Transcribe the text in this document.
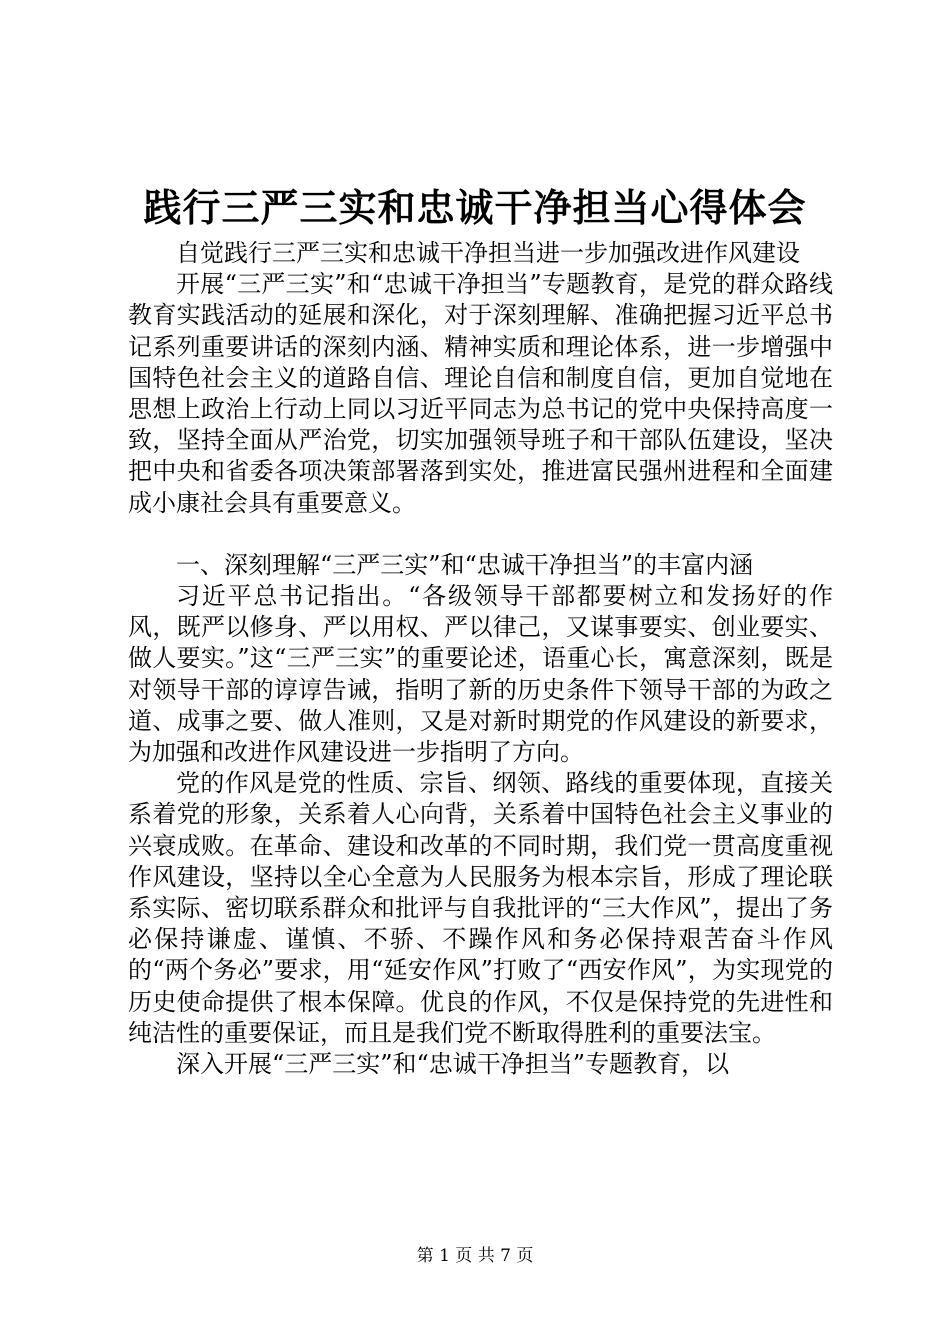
践行三严三实和忠诚干净担当心得体会

自觉践行三严三实和忠诚干净担当进一步加强改进作风建设

开展“三严三实”和“忠诚干净担当”专题教育，是党的群众路线教育实践活动的延展和深化，对于深刻理解、准确把握习近平总书记系列重要讲话的深刻内涵、精神实质和理论体系，进一步增强中国特色社会主义的道路自信、理论自信和制度自信，更加自觉地在思想上政治上行动上同以习近平同志为总书记的党中央保持高度一致，坚持全面从严治党，切实加强领导班子和干部队伍建设，坚决把中央和省委各项决策部署落到实处，推进富民强州进程和全面建成小康社会具有重要意义。

一、深刻理解“三严三实”和“忠诚干净担当”的丰富内涵

习近平总书记指出。“各级领导干部都要树立和发扬好的作风，既严以修身、严以用权、严以律己，又谋事要实、创业要实、做人要实。”这“三严三实”的重要论述，语重心长，寓意深刻，既是对领导干部的谆谆告诫，指明了新的历史条件下领导干部的为政之道、成事之要、做人准则，又是对新时期党的作风建设的新要求，为加强和改进作风建设进一步指明了方向。

党的作风是党的性质、宗旨、纲领、路线的重要体现，直接关系着党的形象，关系着人心向背，关系着中国特色社会主义事业的兴衰成败。在革命、建设和改革的不同时期，我们党一贯高度重视作风建设，坚持以全心全意为人民服务为根本宗旨，形成了理论联系实际、密切联系群众和批评与自我批评的“三大作风”，提出了务必保持谦虚、谨慎、不骄、不躁作风和务必保持艰苦奋斗作风的“两个务必”要求，用“延安作风”打败了“西安作风”，为实现党的历史使命提供了根本保障。优良的作风，不仅是保持党的先进性和纯洁性的重要保证，而且是我们党不断取得胜利的重要法宝。

深入开展“三严三实”和“忠诚干净担当”专题教育，以

第 1 页 共 7 页
